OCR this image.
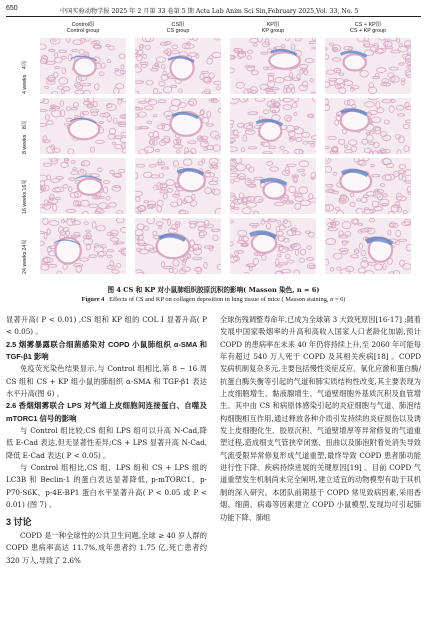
650	中国实验动物学报 2025 年 2 月第 33 卷第 5 期 Acta Lab Anim Sci Sin,February 2025,Vol. 33, No. 5
Control组
Control group
CS组
CS group
KP组
KP group
CS + KP组
CS + KP group
4周
4 weeks
8周
8 weeks
16周
16 weeks
24周
24 weeks
图 4 CS 和 KP 对小鼠肺组织胶原沉积的影响( Masson 染色, n = 6)
Figure 4 Effects of CS and KP on collagen deposition in lung tissue of mice ( Masson staining, n = 6)

显著升高( P < 0.01) ,CS 组和 KP 组的 COL Ⅰ 显著升高( P < 0.05) 。

2.5 烟雾暴露联合细菌感染对 COPD 小鼠肺组织 α-SMA 和 TGF-β1 影响

免疫荧光染色结果显示,与 Control 组相比,第 8 ~ 16 周 CS 组和 CS + KP 组小鼠的肺组织 α-SMA 和 TGF-β1 表达水平升高(图 6) 。

2.6 香烟烟雾联合 LPS 对气道上皮细胞间连接蛋白、自噬及 mTORC1 信号的影响

与 Control 组比较,CS 组和 LPS 组可以升高 N-Cad,降低 E-Cad 表达,但无显著性差异;CS + LPS 显著升高 N-Cad,降低 E-Cad 表达( P < 0.05) 。

与 Control 组相比,CS 组、LPS 组和 CS + LPS 组的 LC3B 和 Beclin-1 的蛋白表达显著降低, p-mTORC1、p-P70-S6K、p-4E-BP1 蛋白水平显著升高( P < 0.05 或 P < 0.01) (图 7) 。

3 讨论

COPD 是一种全球性的公共卫生问题,全球 ≥ 40 岁人群的 COPD 患病率高达 11.7%,成年患者约 1.75 亿,死亡患者约 320 万人,导致了 2.6%

全球伤残调整寿命年,已成为全球第 3 大致死原因[16-17] ;随着发展中国家吸烟率的升高和高收入国家人口老龄化加剧,预计 COPD 的患病率在未来 40 年仍将持续上升,至 2060 年可能每年有超过 540 万人死于 COPD 及其相关疾病[18] 。COPD 发病机制复杂多元,主要包括慢性炎症反应、氧化应激和蛋白酶/抗蛋白酶失衡等引起的气道和肺实质结构性改变,其主要表现为上皮细胞增生、黏液腺增生、气道壁细胞外基质沉积及血管增生。其中由 CS 和病原体感染引起的炎症细胞与气道、肺泡结构细胞相互作用,通过释放各种介质引发持续的炎症损伤以及诱发上皮细胞化生、胶原沉积、气道壁增厚等异常修复的气道重塑过程,造成细支气管狭窄闭塞、扭曲以及肺泡附着处消失导致气流受限异常修复形成气道重塑,最终导致 COPD 患者肺功能进行性下降、疾病持续进展的关键原因[19] 。目前 COPD 气道重塑发生机制尚未完全阐明,建立适宜的动物模型有助于其机制的深入研究。本团队前期基于 COPD 常见致病因素,采用香烟、细菌、病毒等因素建立 COPD 小鼠模型,发现均可引起肺功能下降、肺组
